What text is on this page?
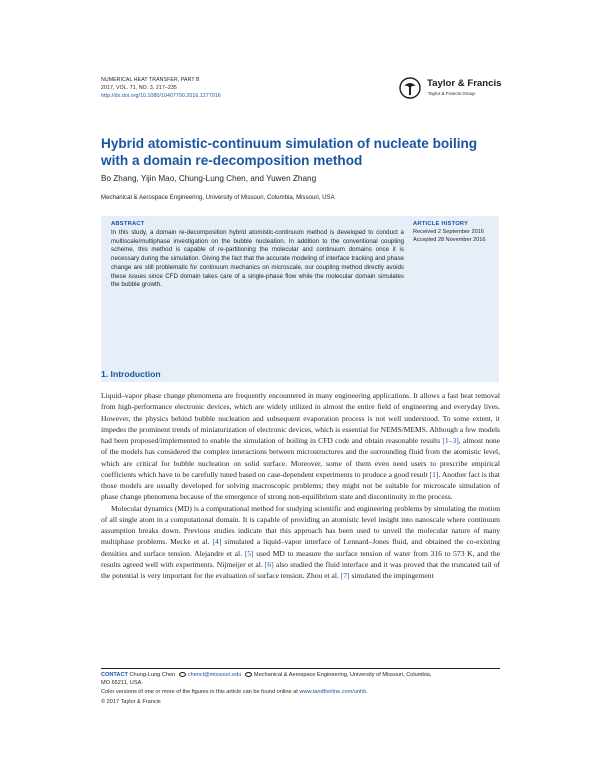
NUMERICAL HEAT TRANSFER, PART B
2017, VOL. 71, NO. 3, 217–235
http://dx.doi.org/10.1080/10407790.2016.1277916
Taylor & Francis
Taylor & Francis Group
Hybrid atomistic-continuum simulation of nucleate boiling
with a domain re-decomposition method
Bo Zhang, Yijin Mao, Chung-Lung Chen, and Yuwen Zhang
Mechanical & Aerospace Engineering, University of Missouri, Columbia, Missouri, USA
ABSTRACT
In this study, a domain re-decomposition hybrid atomistic-continuum method is developed to conduct a multiscale/multiphase investigation on the bubble nucleation. In addition to the conventional coupling scheme, this method is capable of re-partitioning the molecular and continuum domains once it is necessary during the simulation. Giving the fact that the accurate modeling of interface tracking and phase change are still problematic for continuum mechanics on microscale, our coupling method directly avoids these issues since CFD domain takes care of a single-phase flow while the molecular domain simulates the bubble growth.
ARTICLE HISTORY
Received 2 September 2016
Accepted 28 November 2016
1. Introduction

Liquid–vapor phase change phenomena are frequently encountered in many engineering applications. It allows a fast heat removal from high-performance electronic devices, which are widely utilized in almost the entire field of engineering and everyday lives. However, the physics behind bubble nucleation and subsequent evaporation process is not well understood. To some extent, it impedes the prominent trends of miniaturization of electronic devices, which is essential for NEMS/MEMS. Although a few models had been proposed/implemented to enable the simulation of boiling in CFD code and obtain reasonable results [1–3], almost none of the models has considered the complex interactions between microstructures and the surrounding fluid from the atomistic level, which are critical for bubble nucleation on solid surface. Moreover, some of them even need users to prescribe empirical coefficients which have to be carefully tuned based on case-dependent experiments to produce a good result [1]. Another fact is that those models are usually developed for solving macroscopic problems; they might not be suitable for microscale simulation of phase change phenomena because of the emergence of strong non-equilibrium state and discontinuity in the process.

Molecular dynamics (MD) is a computational method for studying scientific and engineering problems by simulating the motion of all single atom in a computational domain. It is capable of providing an atomistic level insight into nanoscale where continuum assumption breaks down. Previous studies indicate that this approach has been used to unveil the molecular nature of many multiphase problems. Mecke et al. [4] simulated a liquid–vapor interface of Lennard–Jones fluid, and obtained the co-existing densities and surface tension. Alejandre et al. [5] used MD to measure the surface tension of water from 316 to 573 K, and the results agreed well with experiments. Nijmeijer et al. [6] also studied the fluid interface and it was proved that the truncated tail of the potential is very important for the evaluation of surface tension. Zhou et al. [7] simulated the impingement

CONTACT Chung-Lung Chen chencl@missouri.edu Mechanical & Aerospace Engineering, University of Missouri, Columbia,
MO 65211, USA.
Color versions of one or more of the figures in this article can be found online at www.tandfonline.com/unhb.
© 2017 Taylor & Francis
